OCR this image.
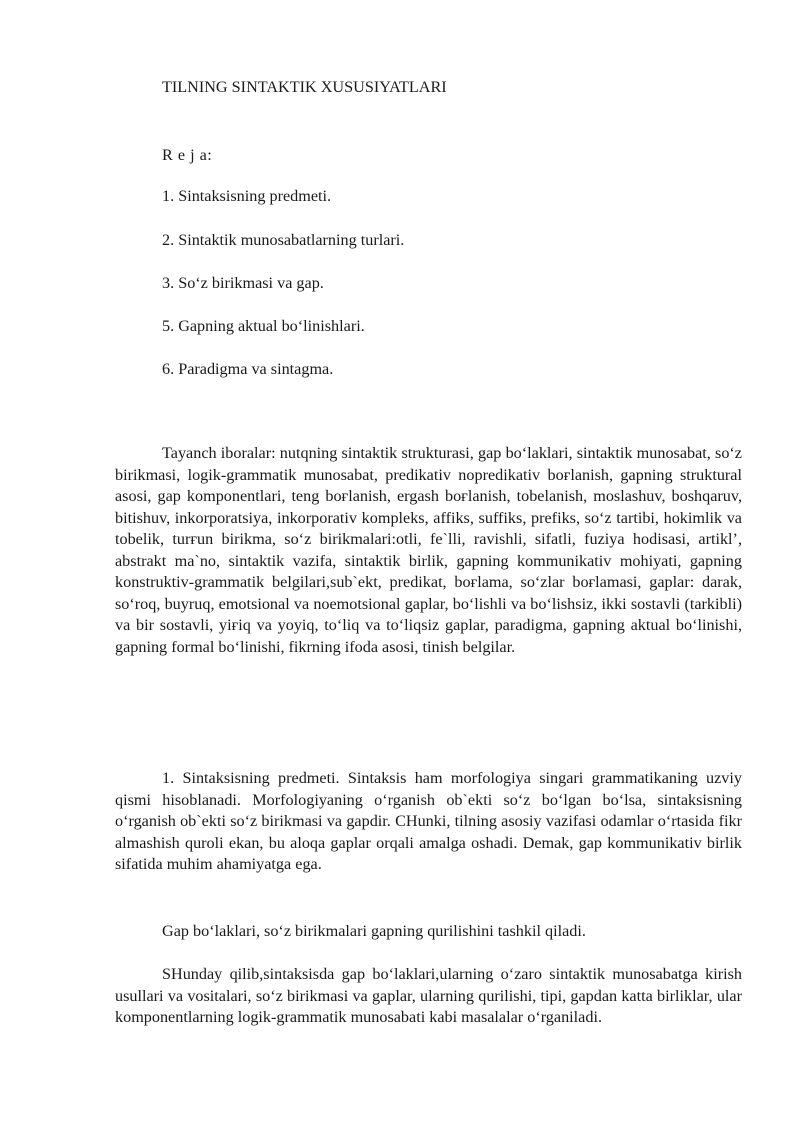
TILNING SINTAKTIK XUSUSIYATLARI
R e j a:
1. Sintaksisning predmeti.
2. Sintaktik munosabatlarning turlari.
3. So‘z birikmasi va gap.
5. Gapning aktual bo‘linishlari.
6. Paradigma va sintagma.

Tayanch iboralar: nutqning sintaktik strukturasi, gap bo‘laklari, sintaktik munosabat, so‘z birikmasi, logik-grammatik munosabat, predikativ nopredikativ boғlanish, gapning struktural asosi, gap komponentlari, teng boғlanish, ergash boғlanish, tobelanish, moslashuv, boshqaruv, bitishuv, inkorporatsiya, inkorporativ kompleks, affiks, suffiks, prefiks, so‘z tartibi, hokimlik va tobelik, turғun birikma, so‘z birikmalari:otli, fe`lli, ravishli, sifatli, fuziya hodisasi, artikl’, abstrakt ma`no, sintaktik vazifa, sintaktik birlik, gapning kommunikativ mohiyati, gapning konstruktiv-grammatik belgilari,sub`ekt, predikat, boғlama, so‘zlar boғlamasi, gaplar: darak, so‘roq, buyruq, emotsional va noemotsional gaplar, bo‘lishli va bo‘lishsiz, ikki sostavli (tarkibli) va bir sostavli, yiғiq va yoyiq, to‘liq va to‘liqsiz gaplar, paradigma, gapning aktual bo‘linishi, gapning formal bo‘linishi, fikrning ifoda asosi, tinish belgilar.

1. Sintaksisning predmeti. Sintaksis ham morfologiya singari grammatikaning uzviy qismi hisoblanadi. Morfologiyaning o‘rganish ob`ekti so‘z bo‘lgan bo‘lsa, sintaksisning o‘rganish ob`ekti so‘z birikmasi va gapdir. CHunki, tilning asosiy vazifasi odamlar o‘rtasida fikr almashish quroli ekan, bu aloqa gaplar orqali amalga oshadi. Demak, gap kommunikativ birlik sifatida muhim ahamiyatga ega.

Gap bo‘laklari, so‘z birikmalari gapning qurilishini tashkil qiladi.

SHunday qilib,sintaksisda gap bo‘laklari,ularning o‘zaro sintaktik munosabatga kirish usullari va vositalari, so‘z birikmasi va gaplar, ularning qurilishi, tipi, gapdan katta birliklar, ular komponentlarning logik-grammatik munosabati kabi masalalar o‘rganiladi.
